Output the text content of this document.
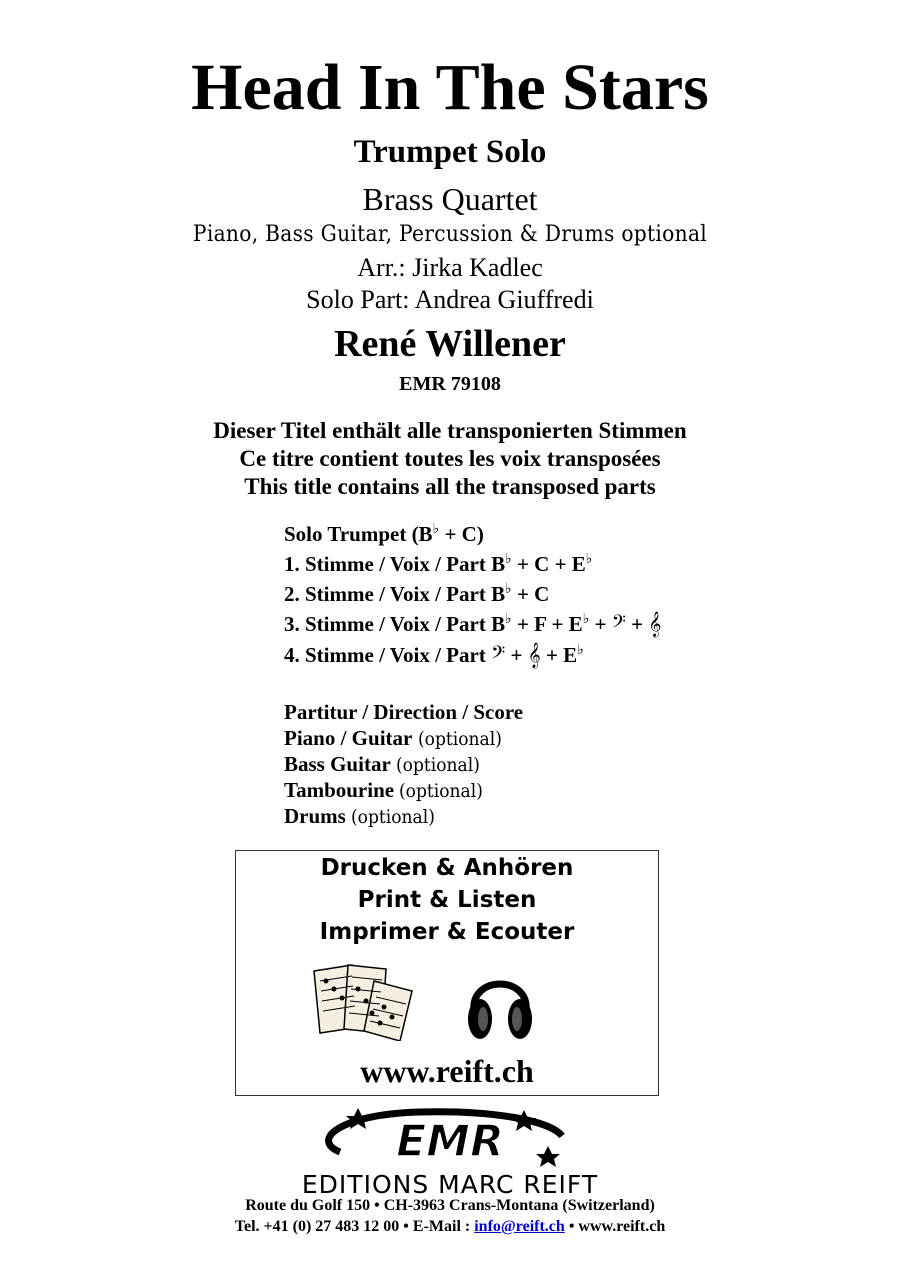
Head In The Stars
Trumpet Solo
Brass Quartet
Piano, Bass Guitar, Percussion & Drums optional
Arr.: Jirka Kadlec
Solo Part: Andrea Giuffredi
René Willener
EMR 79108
Dieser Titel enthält alle transponierten Stimmen
Ce titre contient toutes les voix transposées
This title contains all the transposed parts
Solo Trumpet (B♭ + C)
1. Stimme / Voix / Part B♭ + C + E♭
2. Stimme / Voix / Part B♭ + C
3. Stimme / Voix / Part B♭ + F + E♭ + 𝄢 + 𝄞
4. Stimme / Voix / Part 𝄢 + 𝄞 + E♭
Partitur / Direction / Score
Piano / Guitar (optional)
Bass Guitar (optional)
Tambourine (optional)
Drums (optional)
Drucken & Anhören
Print & Listen
Imprimer & Ecouter
www.reift.ch
EMR
EDITIONS MARC REIFT
Route du Golf 150 • CH-3963 Crans-Montana (Switzerland)
Tel. +41 (0) 27 483 12 00 • E-Mail : info@reift.ch • www.reift.ch
